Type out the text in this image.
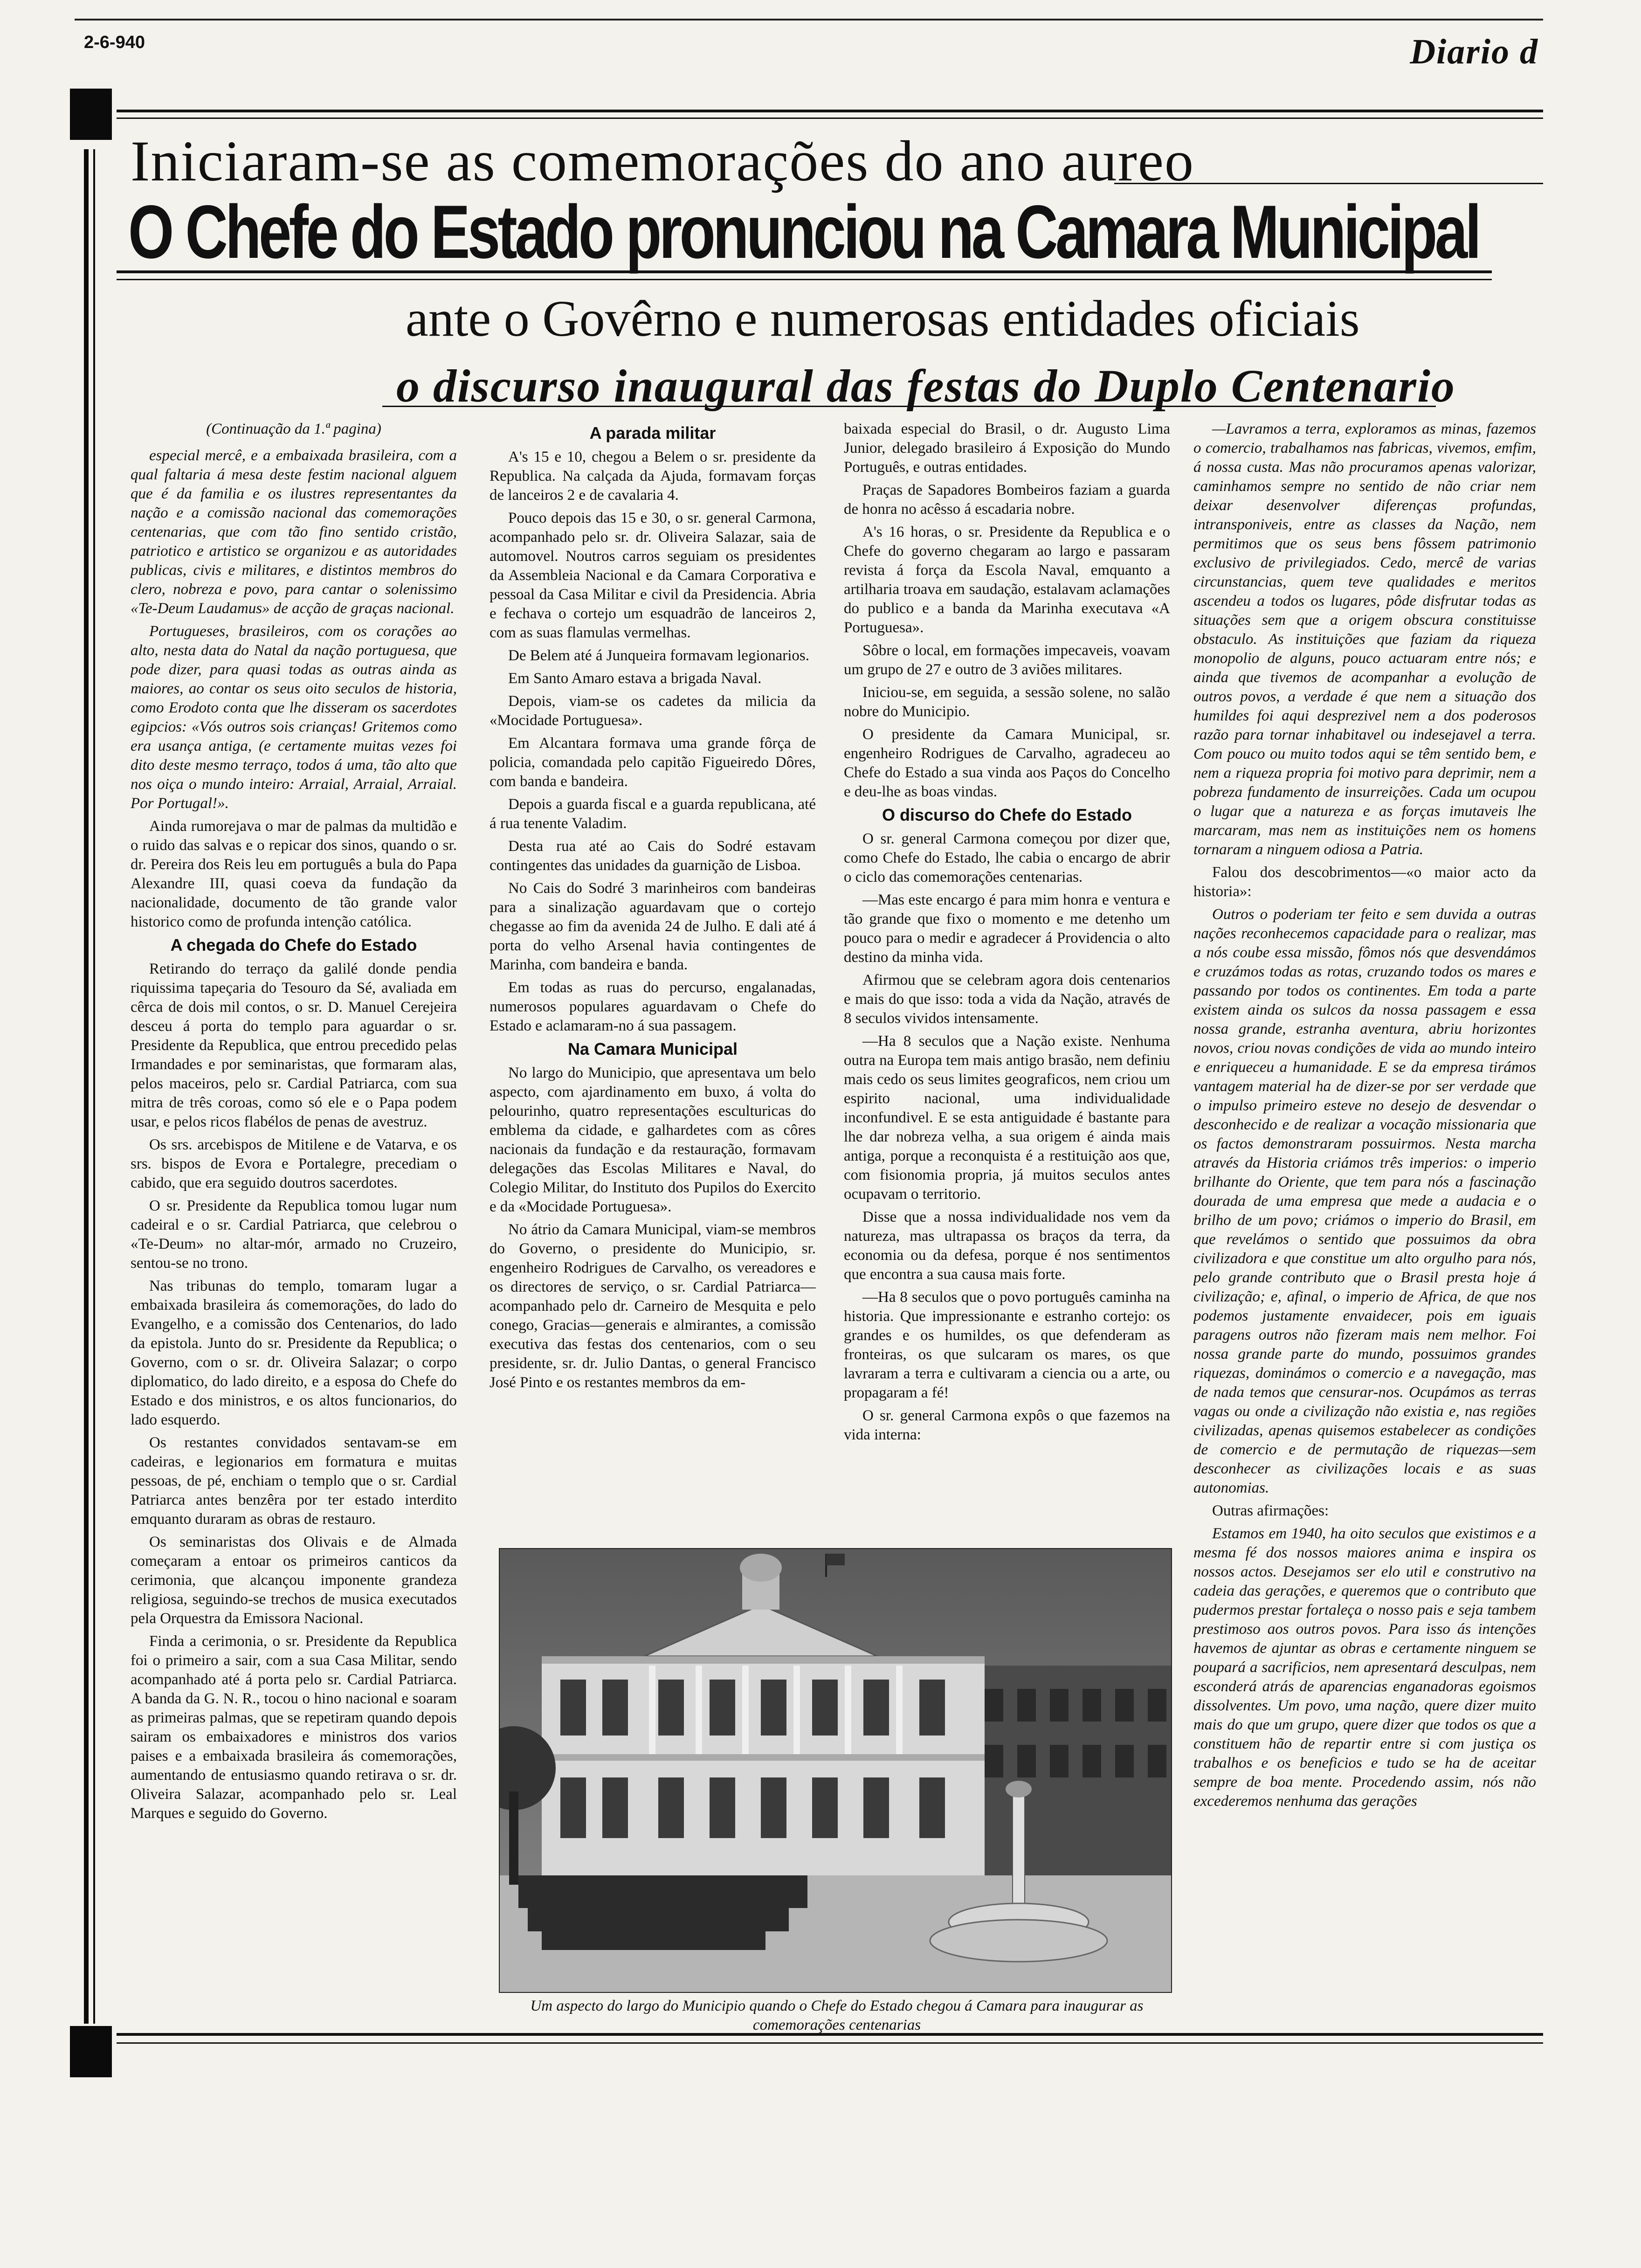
2-6-940	Diario d
Iniciaram-se as comemorações do ano aureo
O Chefe do Estado pronunciou na Camara Municipal
ante o Govêrno e numerosas entidades oficiais
o discurso inaugural das festas do Duplo Centenario

(Continuação da 1.ª pagina)

especial mercê, e a embaixada brasileira, com a qual faltaria á mesa deste festim nacional alguem que é da familia e os ilustres representantes da nação e a comissão nacional das comemorações centenarias, que com tão fino sentido cristão, patriotico e artistico se organizou e as autoridades publicas, civis e militares, e distintos membros do clero, nobreza e povo, para cantar o solenissimo «Te-Deum Laudamus» de acção de graças nacional.

Portugueses, brasileiros, com os corações ao alto, nesta data do Natal da nação portuguesa, que pode dizer, para quasi todas as outras ainda as maiores, ao contar os seus oito seculos de historia, como Erodoto conta que lhe disseram os sacerdotes egipcios: «Vós outros sois crianças! Gritemos como era usança antiga, (e certamente muitas vezes foi dito deste mesmo terraço, todos á uma, tão alto que nos oiça o mundo inteiro: Arraial, Arraial, Arraial. Por Portugal!».

Ainda rumorejava o mar de palmas da multidão e o ruido das salvas e o repicar dos sinos, quando o sr. dr. Pereira dos Reis leu em português a bula do Papa Alexandre III, quasi coeva da fundação da nacionalidade, documento de tão grande valor historico como de profunda intenção católica.

A chegada do Chefe do Estado

Retirando do terraço da galilé donde pendia riquissima tapeçaria do Tesouro da Sé, avaliada em cêrca de dois mil contos, o sr. D. Manuel Cerejeira desceu á porta do templo para aguardar o sr. Presidente da Republica, que entrou precedido pelas Irmandades e por seminaristas, que formaram alas, pelos maceiros, pelo sr. Cardial Patriarca, com sua mitra de três coroas, como só ele e o Papa podem usar, e pelos ricos flabélos de penas de avestruz.

Os srs. arcebispos de Mitilene e de Vatarva, e os srs. bispos de Evora e Portalegre, precediam o cabido, que era seguido doutros sacerdotes.

O sr. Presidente da Republica tomou lugar num cadeiral e o sr. Cardial Patriarca, que celebrou o «Te-Deum» no altar-mór, armado no Cruzeiro, sentou-se no trono.

Nas tribunas do templo, tomaram lugar a embaixada brasileira ás comemorações, do lado do Evangelho, e a comissão dos Centenarios, do lado da epistola. Junto do sr. Presidente da Republica; o Governo, com o sr. dr. Oliveira Salazar; o corpo diplomatico, do lado direito, e a esposa do Chefe do Estado e dos ministros, e os altos funcionarios, do lado esquerdo.

Os restantes convidados sentavam-se em cadeiras, e legionarios em formatura e muitas pessoas, de pé, enchiam o templo que o sr. Cardial Patriarca antes benzêra por ter estado interdito emquanto duraram as obras de restauro.

Os seminaristas dos Olivais e de Almada começaram a entoar os primeiros canticos da cerimonia, que alcançou imponente grandeza religiosa, seguindo-se trechos de musica executados pela Orquestra da Emissora Nacional.

Finda a cerimonia, o sr. Presidente da Republica foi o primeiro a sair, com a sua Casa Militar, sendo acompanhado até á porta pelo sr. Cardial Patriarca. A banda da G. N. R., tocou o hino nacional e soaram as primeiras palmas, que se repetiram quando depois sairam os embaixadores e ministros dos varios paises e a embaixada brasileira ás comemorações, aumentando de entusiasmo quando retirava o sr. dr. Oliveira Salazar, acompanhado pelo sr. Leal Marques e seguido do Governo.

A parada militar

A's 15 e 10, chegou a Belem o sr. presidente da Republica. Na calçada da Ajuda, formavam forças de lanceiros 2 e de cavalaria 4.

Pouco depois das 15 e 30, o sr. general Carmona, acompanhado pelo sr. dr. Oliveira Salazar, saia de automovel. Noutros carros seguiam os presidentes da Assembleia Nacional e da Camara Corporativa e pessoal da Casa Militar e civil da Presidencia. Abria e fechava o cortejo um esquadrão de lanceiros 2, com as suas flamulas vermelhas.

De Belem até á Junqueira formavam legionarios.

Em Santo Amaro estava a brigada Naval.

Depois, viam-se os cadetes da milicia da «Mocidade Portuguesa».

Em Alcantara formava uma grande fôrça de policia, comandada pelo capitão Figueiredo Dôres, com banda e bandeira.

Depois a guarda fiscal e a guarda republicana, até á rua tenente Valadim.

Desta rua até ao Cais do Sodré estavam contingentes das unidades da guarnição de Lisboa.

No Cais do Sodré 3 marinheiros com bandeiras para a sinalização aguardavam que o cortejo chegasse ao fim da avenida 24 de Julho. E dali até á porta do velho Arsenal havia contingentes de Marinha, com bandeira e banda.

Em todas as ruas do percurso, engalanadas, numerosos populares aguardavam o Chefe do Estado e aclamaram-no á sua passagem.

Na Camara Municipal

No largo do Municipio, que apresentava um belo aspecto, com ajardinamento em buxo, á volta do pelourinho, quatro representações esculturicas do emblema da cidade, e galhardetes com as côres nacionais da fundação e da restauração, formavam delegações das Escolas Militares e Naval, do Colegio Militar, do Instituto dos Pupilos do Exercito e da «Mocidade Portuguesa».

No átrio da Camara Municipal, viam-se membros do Governo, o presidente do Municipio, sr. engenheiro Rodrigues de Carvalho, os vereadores e os directores de serviço, o sr. Cardial Patriarca—acompanhado pelo dr. Carneiro de Mesquita e pelo conego, Gracias—generais e almirantes, a comissão executiva das festas dos centenarios, com o seu presidente, sr. dr. Julio Dantas, o general Francisco José Pinto e os restantes membros da em-

baixada especial do Brasil, o dr. Augusto Lima Junior, delegado brasileiro á Exposição do Mundo Português, e outras entidades.

Praças de Sapadores Bombeiros faziam a guarda de honra no acêsso á escadaria nobre.

A's 16 horas, o sr. Presidente da Republica e o Chefe do governo chegaram ao largo e passaram revista á força da Escola Naval, emquanto a artilharia troava em saudação, estalavam aclamações do publico e a banda da Marinha executava «A Portuguesa».

Sôbre o local, em formações impecaveis, voavam um grupo de 27 e outro de 3 aviões militares.

Iniciou-se, em seguida, a sessão solene, no salão nobre do Municipio.

O presidente da Camara Municipal, sr. engenheiro Rodrigues de Carvalho, agradeceu ao Chefe do Estado a sua vinda aos Paços do Concelho e deu-lhe as boas vindas.

O discurso do Chefe do Estado

O sr. general Carmona começou por dizer que, como Chefe do Estado, lhe cabia o encargo de abrir o ciclo das comemorações centenarias.

—Mas este encargo é para mim honra e ventura e tão grande que fixo o momento e me detenho um pouco para o medir e agradecer á Providencia o alto destino da minha vida.

Afirmou que se celebram agora dois centenarios e mais do que isso: toda a vida da Nação, através de 8 seculos vividos intensamente.

—Ha 8 seculos que a Nação existe. Nenhuma outra na Europa tem mais antigo brasão, nem definiu mais cedo os seus limites geograficos, nem criou um espirito nacional, uma individualidade inconfundivel. E se esta antiguidade é bastante para lhe dar nobreza velha, a sua origem é ainda mais antiga, porque a reconquista é a restituição aos que, com fisionomia propria, já muitos seculos antes ocupavam o territorio.

Disse que a nossa individualidade nos vem da natureza, mas ultrapassa os braços da terra, da economia ou da defesa, porque é nos sentimentos que encontra a sua causa mais forte.

—Ha 8 seculos que o povo português caminha na historia. Que impressionante e estranho cortejo: os grandes e os humildes, os que defenderam as fronteiras, os que sulcaram os mares, os que lavraram a terra e cultivaram a ciencia ou a arte, ou propagaram a fé!

O sr. general Carmona expôs o que fazemos na vida interna:

—Lavramos a terra, exploramos as minas, fazemos o comercio, trabalhamos nas fabricas, vivemos, emfim, á nossa custa. Mas não procuramos apenas valorizar, caminhamos sempre no sentido de não criar nem deixar desenvolver diferenças profundas, intransponiveis, entre as classes da Nação, nem permitimos que os seus bens fôssem patrimonio exclusivo de privilegiados. Cedo, mercê de varias circunstancias, quem teve qualidades e meritos ascendeu a todos os lugares, pôde disfrutar todas as situações sem que a origem obscura constituisse obstaculo. As instituições que faziam da riqueza monopolio de alguns, pouco actuaram entre nós; e ainda que tivemos de acompanhar a evolução de outros povos, a verdade é que nem a situação dos humildes foi aqui desprezivel nem a dos poderosos razão para tornar inhabitavel ou indesejavel a terra. Com pouco ou muito todos aqui se têm sentido bem, e nem a riqueza propria foi motivo para deprimir, nem a pobreza fundamento de insurreições. Cada um ocupou o lugar que a natureza e as forças imutaveis lhe marcaram, mas nem as instituições nem os homens tornaram a ninguem odiosa a Patria.

Falou dos descobrimentos—«o maior acto da historia»:

Outros o poderiam ter feito e sem duvida a outras nações reconhecemos capacidade para o realizar, mas a nós coube essa missão, fômos nós que desvendámos e cruzámos todas as rotas, cruzando todos os mares e passando por todos os continentes. Em toda a parte existem ainda os sulcos da nossa passagem e essa nossa grande, estranha aventura, abriu horizontes novos, criou novas condições de vida ao mundo inteiro e enriqueceu a humanidade. E se da empresa tirámos vantagem material ha de dizer-se por ser verdade que o impulso primeiro esteve no desejo de desvendar o desconhecido e de realizar a vocação missionaria que os factos demonstraram possuirmos. Nesta marcha através da Historia criámos três imperios: o imperio brilhante do Oriente, que tem para nós a fascinação dourada de uma empresa que mede a audacia e o brilho de um povo; criámos o imperio do Brasil, em que revelámos o sentido que possuimos da obra civilizadora e que constitue um alto orgulho para nós, pelo grande contributo que o Brasil presta hoje á civilização; e, afinal, o imperio de Africa, de que nos podemos justamente envaidecer, pois em iguais paragens outros não fizeram mais nem melhor. Foi nossa grande parte do mundo, possuimos grandes riquezas, dominámos o comercio e a navegação, mas de nada temos que censurar-nos. Ocupámos as terras vagas ou onde a civilização não existia e, nas regiões civilizadas, apenas quisemos estabelecer as condições de comercio e de permutação de riquezas—sem desconhecer as civilizações locais e as suas autonomias.

Outras afirmações:

Estamos em 1940, ha oito seculos que existimos e a mesma fé dos nossos maiores anima e inspira os nossos actos. Desejamos ser elo util e construtivo na cadeia das gerações, e queremos que o contributo que pudermos prestar fortaleça o nosso pais e seja tambem prestimoso aos outros povos. Para isso ás intenções havemos de ajuntar as obras e certamente ninguem se poupará a sacrificios, nem apresentará desculpas, nem esconderá atrás de aparencias enganadoras egoismos dissolventes. Um povo, uma nação, quere dizer muito mais do que um grupo, quere dizer que todos os que a constituem hão de repartir entre si com justiça os trabalhos e os beneficios e tudo se ha de aceitar sempre de boa mente. Procedendo assim, nós não excederemos nenhuma das gerações

Um aspecto do largo do Municipio quando o Chefe do Estado chegou á Camara para inaugurar as comemorações centenarias
